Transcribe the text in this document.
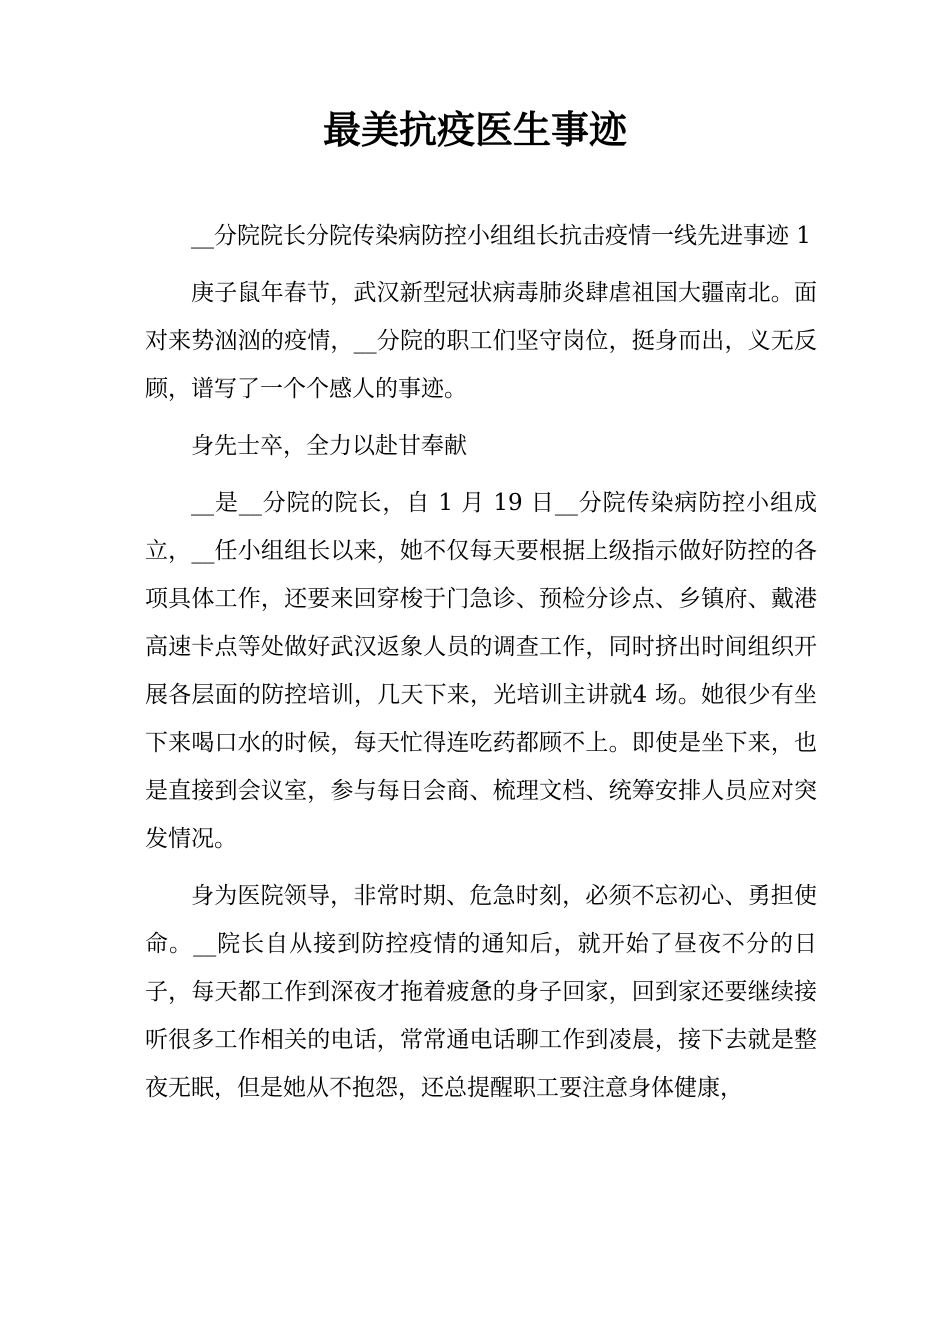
最美抗疫医生事迹

__分院院长分院传染病防控小组组长抗击疫情一线先进事迹 1

庚子鼠年春节，武汉新型冠状病毒肺炎肆虐祖国大疆南北。面对来势汹汹的疫情，__分院的职工们坚守岗位，挺身而出，义无反顾，谱写了一个个感人的事迹。

身先士卒，全力以赴甘奉献

__是__分院的院长，自 1 月 19 日__分院传染病防控小组成立，__任小组组长以来，她不仅每天要根据上级指示做好防控的各项具体工作，还要来回穿梭于门急诊、预检分诊点、乡镇府、戴港高速卡点等处做好武汉返象人员的调查工作，同时挤出时间组织开展各层面的防控培训，几天下来，光培训主讲就4 场。她很少有坐下来喝口水的时候，每天忙得连吃药都顾不上。即使是坐下来，也是直接到会议室，参与每日会商、梳理文档、统筹安排人员应对突发情况。

身为医院领导，非常时期、危急时刻，必须不忘初心、勇担使命。__院长自从接到防控疫情的通知后，就开始了昼夜不分的日子，每天都工作到深夜才拖着疲惫的身子回家，回到家还要继续接听很多工作相关的电话，常常通电话聊工作到凌晨，接下去就是整夜无眠，但是她从不抱怨，还总提醒职工要注意身体健康，
